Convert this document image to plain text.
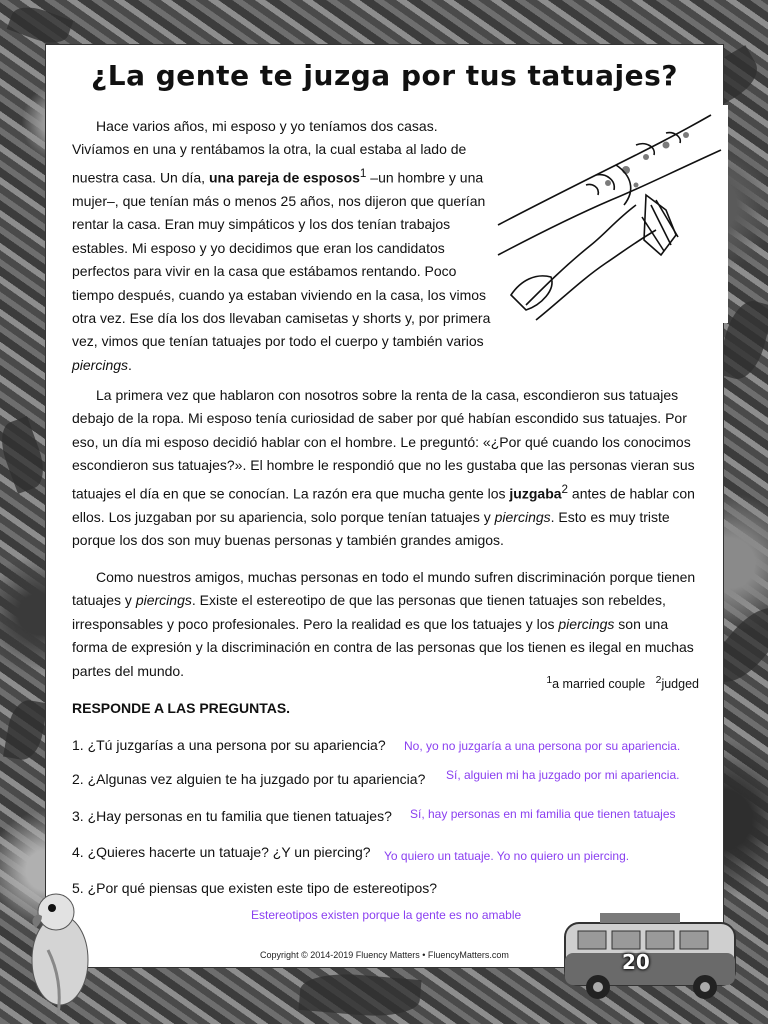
¿La gente te juzga por tus tatuajes?
Hace varios años, mi esposo y yo teníamos dos casas. Vivíamos en una y rentábamos la otra, la cual estaba al lado de nuestra casa. Un día, una pareja de esposos$^1$ –un hombre y una mujer–, que tenían más o menos 25 años, nos dijeron que querían rentar la casa. Eran muy simpáticos y los dos tenían trabajos estables. Mi esposo y yo decidimos que eran los candidatos perfectos para vivir en la casa que estábamos rentando. Poco tiempo después, cuando ya estaban viviendo en la casa, los vimos otra vez. Ese día los dos llevaban camisetas y shorts y, por primera vez, vimos que tenían tatuajes por todo el cuerpo y también varios piercings.
La primera vez que hablaron con nosotros sobre la renta de la casa, escondieron sus tatuajes debajo de la ropa. Mi esposo tenía curiosidad de saber por qué habían escondido sus tatuajes. Por eso, un día mi esposo decidió hablar con el hombre. Le preguntó: «¿Por qué cuando los conocimos escondieron sus tatuajes?». El hombre le respondió que no les gustaba que las personas vieran sus tatuajes el día en que se conocían. La razón era que mucha gente los juzgaba$^2$ antes de hablar con ellos. Los juzgaban por su apariencia, solo porque tenían tatuajes y piercings. Esto es muy triste porque los dos son muy buenas personas y también grandes amigos.
Como nuestros amigos, muchas personas en todo el mundo sufren discriminación porque tienen tatuajes y piercings. Existe el estereotipo de que las personas que tienen tatuajes son rebeldes, irresponsables y poco profesionales. Pero la realidad es que los tatuajes y los piercings son una forma de expresión y la discriminación en contra de las personas que los tienen es ilegal en muchas partes del mundo.
$^1$a married couple $^2$judged
RESPONDE A LAS PREGUNTAS.
1. ¿Tú juzgarías a una persona por su apariencia? No, yo no juzgaría a una persona por su apariencia.
2. ¿Algunas vez alguien te ha juzgado por tu apariencia? Sí, alguien mi ha juzgado por mi apariencia.
3. ¿Hay personas en tu familia que tienen tatuajes? Sí, hay personas en mi familia que tienen tatuajes
4. ¿Quieres hacerte un tatuaje? ¿Y un piercing? Yo quiero un tatuaje. Yo no quiero un piercing.
5. ¿Por qué piensas que existen este tipo de estereotipos?
Estereotipos existen porque la gente es no amable
Copyright © 2014-2019 Fluency Matters • FluencyMatters.com	20
